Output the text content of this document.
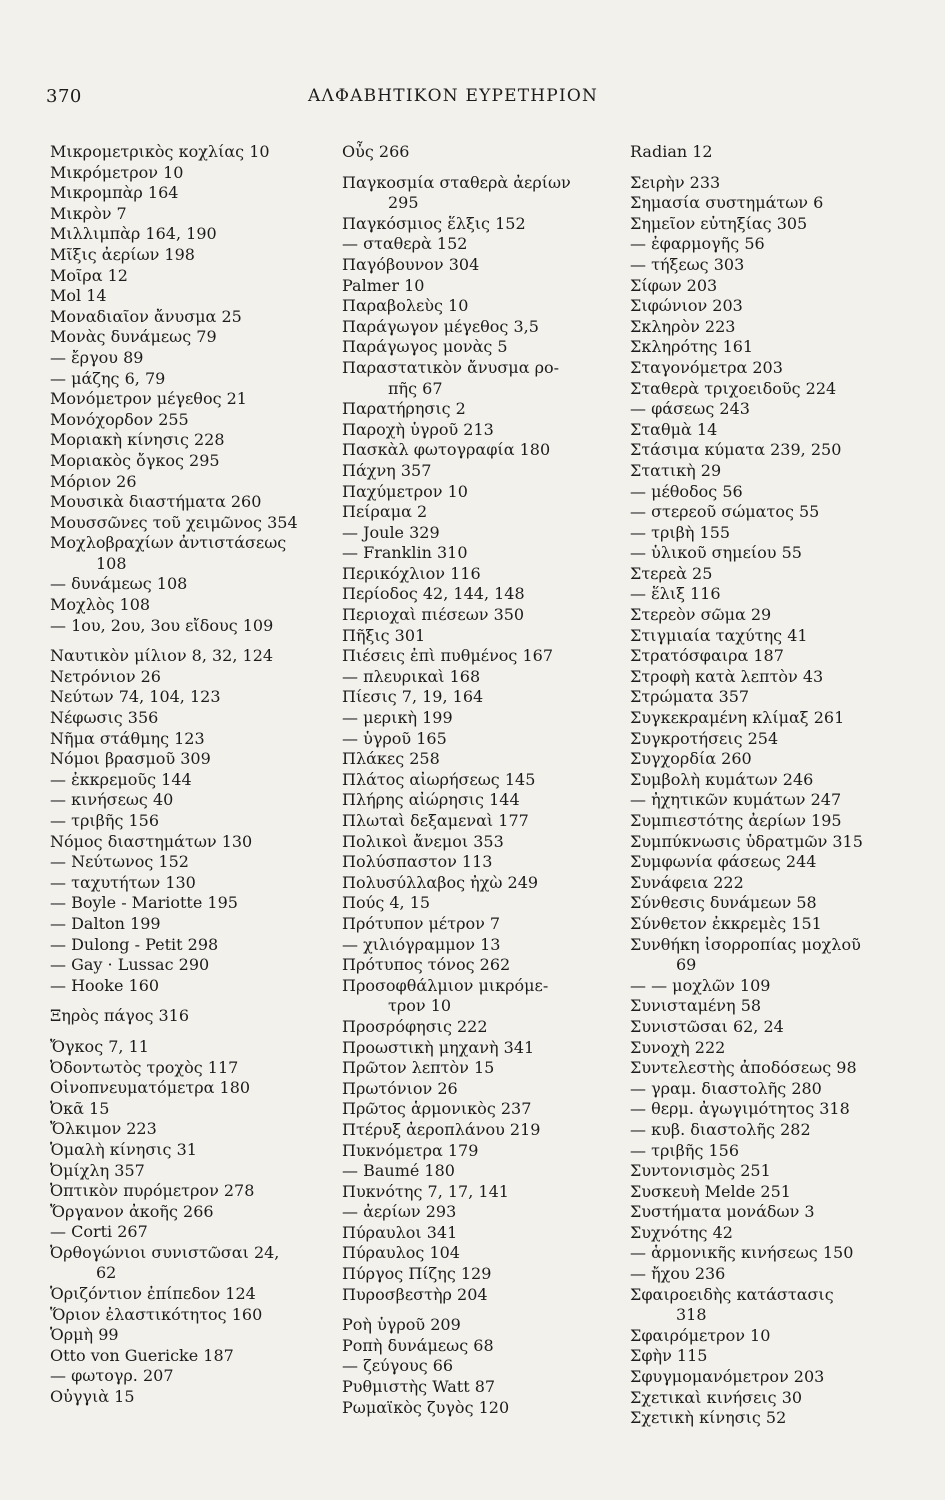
370	ΑΛΦΑΒΗΤΙΚΟΝ ΕΥΡΕΤΗΡΙΟΝ
Μικρομετρικὸς κοχλίας 10
Μικρόμετρον 10
Μικρομπὰρ 164
Μικρὸν 7
Μιλλιμπὰρ 164, 190
Μῖξις ἀερίων 198
Μοῖρα 12
Mol 14
Μοναδιαῖον ἄνυσμα 25
Μονὰς δυνάμεως 79
— ἔργου 89
— μάζης 6, 79
Μονόμετρον μέγεθος 21
Μονόχορδον 255
Μοριακὴ κίνησις 228
Μοριακὸς ὄγκος 295
Μόριον 26
Μουσικὰ διαστήματα 260
Μουσσῶνες τοῦ χειμῶνος 354
Μοχλοβραχίων ἀντιστάσεως
108
— δυνάμεως 108
Μοχλὸς 108
— 1ου, 2ου, 3ου εἴδους 109
Ναυτικὸν μίλιον 8, 32, 124
Νετρόνιον 26
Νεύτων 74, 104, 123
Νέφωσις 356
Νῆμα στάθμης 123
Νόμοι βρασμοῦ 309
— ἐκκρεμοῦς 144
— κινήσεως 40
— τριβῆς 156
Νόμος διαστημάτων 130
— Νεύτωνος 152
— ταχυτήτων 130
— Boyle - Mariotte 195
— Dalton 199
— Dulong - Petit 298
— Gay · Lussac 290
— Hooke 160
Ξηρὸς πάγος 316
Ὄγκος 7, 11
Ὀδοντωτὸς τροχὸς 117
Οἰνοπνευματόμετρα 180
Ὀκᾶ 15
Ὄλκιμον 223
Ὁμαλὴ κίνησις 31
Ὀμίχλη 357
Ὀπτικὸν πυρόμετρον 278
Ὄργανον ἀκοῆς 266
— Corti 267
Ὀρθογώνιοι συνιστῶσαι 24,
62
Ὁριζόντιον ἐπίπεδον 124
Ὅριον ἐλαστικότητος 160
Ὁρμὴ 99
Otto von Guericke 187
— φωτογρ. 207
Οὐγγιὰ 15
Οὖς 266
Παγκοσμία σταθερὰ ἀερίων
295
Παγκόσμιος ἕλξις 152
— σταθερὰ 152
Παγόβουνον 304
Palmer 10
Παραβολεὺς 10
Παράγωγον μέγεθος 3,5
Παράγωγος μονὰς 5
Παραστατικὸν ἄνυσμα ρο-
πῆς 67
Παρατήρησις 2
Παροχὴ ὑγροῦ 213
Πασκὰλ φωτογραφία 180
Πάχνη 357
Παχύμετρον 10
Πείραμα 2
— Joule 329
— Franklin 310
Περικόχλιον 116
Περίοδος 42, 144, 148
Περιοχαὶ πιέσεων 350
Πῆξις 301
Πιέσεις ἐπὶ πυθμένος 167
— πλευρικαὶ 168
Πίεσις 7, 19, 164
— μερικὴ 199
— ὑγροῦ 165
Πλάκες 258
Πλάτος αἰωρήσεως 145
Πλήρης αἰώρησις 144
Πλωταὶ δεξαμεναὶ 177
Πολικοὶ ἄνεμοι 353
Πολύσπαστον 113
Πολυσύλλαβος ἠχὼ 249
Πούς 4, 15
Πρότυπον μέτρον 7
— χιλιόγραμμον 13
Πρότυπος τόνος 262
Προσοφθάλμιον μικρόμε-
τρον 10
Προσρόφησις 222
Προωστικὴ μηχανὴ 341
Πρῶτον λεπτὸν 15
Πρωτόνιον 26
Πρῶτος ἁρμονικὸς 237
Πτέρυξ ἀεροπλάνου 219
Πυκνόμετρα 179
— Baumé 180
Πυκνότης 7, 17, 141
— ἀερίων 293
Πύραυλοι 341
Πύραυλος 104
Πύργος Πίζης 129
Πυροσβεστὴρ 204
Ροὴ ὑγροῦ 209
Ροπὴ δυνάμεως 68
— ζεύγους 66
Ρυθμιστὴς Watt 87
Ρωμαϊκὸς ζυγὸς 120
Radian 12
Σειρὴν 233
Σημασία συστημάτων 6
Σημεῖον εὐτηξίας 305
— ἐφαρμογῆς 56
— τήξεως 303
Σίφων 203
Σιφώνιον 203
Σκληρὸν 223
Σκληρότης 161
Σταγονόμετρα 203
Σταθερὰ τριχοειδοῦς 224
— φάσεως 243
Σταθμὰ 14
Στάσιμα κύματα 239, 250
Στατικὴ 29
— μέθοδος 56
— στερεοῦ σώματος 55
— τριβὴ 155
— ὑλικοῦ σημείου 55
Στερεὰ 25
— ἕλιξ 116
Στερεὸν σῶμα 29
Στιγμιαία ταχύτης 41
Στρατόσφαιρα 187
Στροφὴ κατὰ λεπτὸν 43
Στρώματα 357
Συγκεκραμένη κλίμαξ 261
Συγκροτήσεις 254
Συγχορδία 260
Συμβολὴ κυμάτων 246
— ἠχητικῶν κυμάτων 247
Συμπιεστότης ἀερίων 195
Συμπύκνωσις ὑδρατμῶν 315
Συμφωνία φάσεως 244
Συνάφεια 222
Σύνθεσις δυνάμεων 58
Σύνθετον ἐκκρεμὲς 151
Συνθήκη ἰσορροπίας μοχλοῦ
69
— — μοχλῶν 109
Συνισταμένη 58
Συνιστῶσαι 62, 24
Συνοχὴ 222
Συντελεστὴς ἀποδόσεως 98
— γραμ. διαστολῆς 280
— θερμ. ἀγωγιμότητος 318
— κυβ. διαστολῆς 282
— τριβῆς 156
Συντονισμὸς 251
Συσκευὴ Melde 251
Συστήματα μονάδων 3
Συχνότης 42
— ἁρμονικῆς κινήσεως 150
— ἤχου 236
Σφαιροειδὴς κατάστασις
318
Σφαιρόμετρον 10
Σφὴν 115
Σφυγμομανόμετρον 203
Σχετικαὶ κινήσεις 30
Σχετικὴ κίνησις 52
